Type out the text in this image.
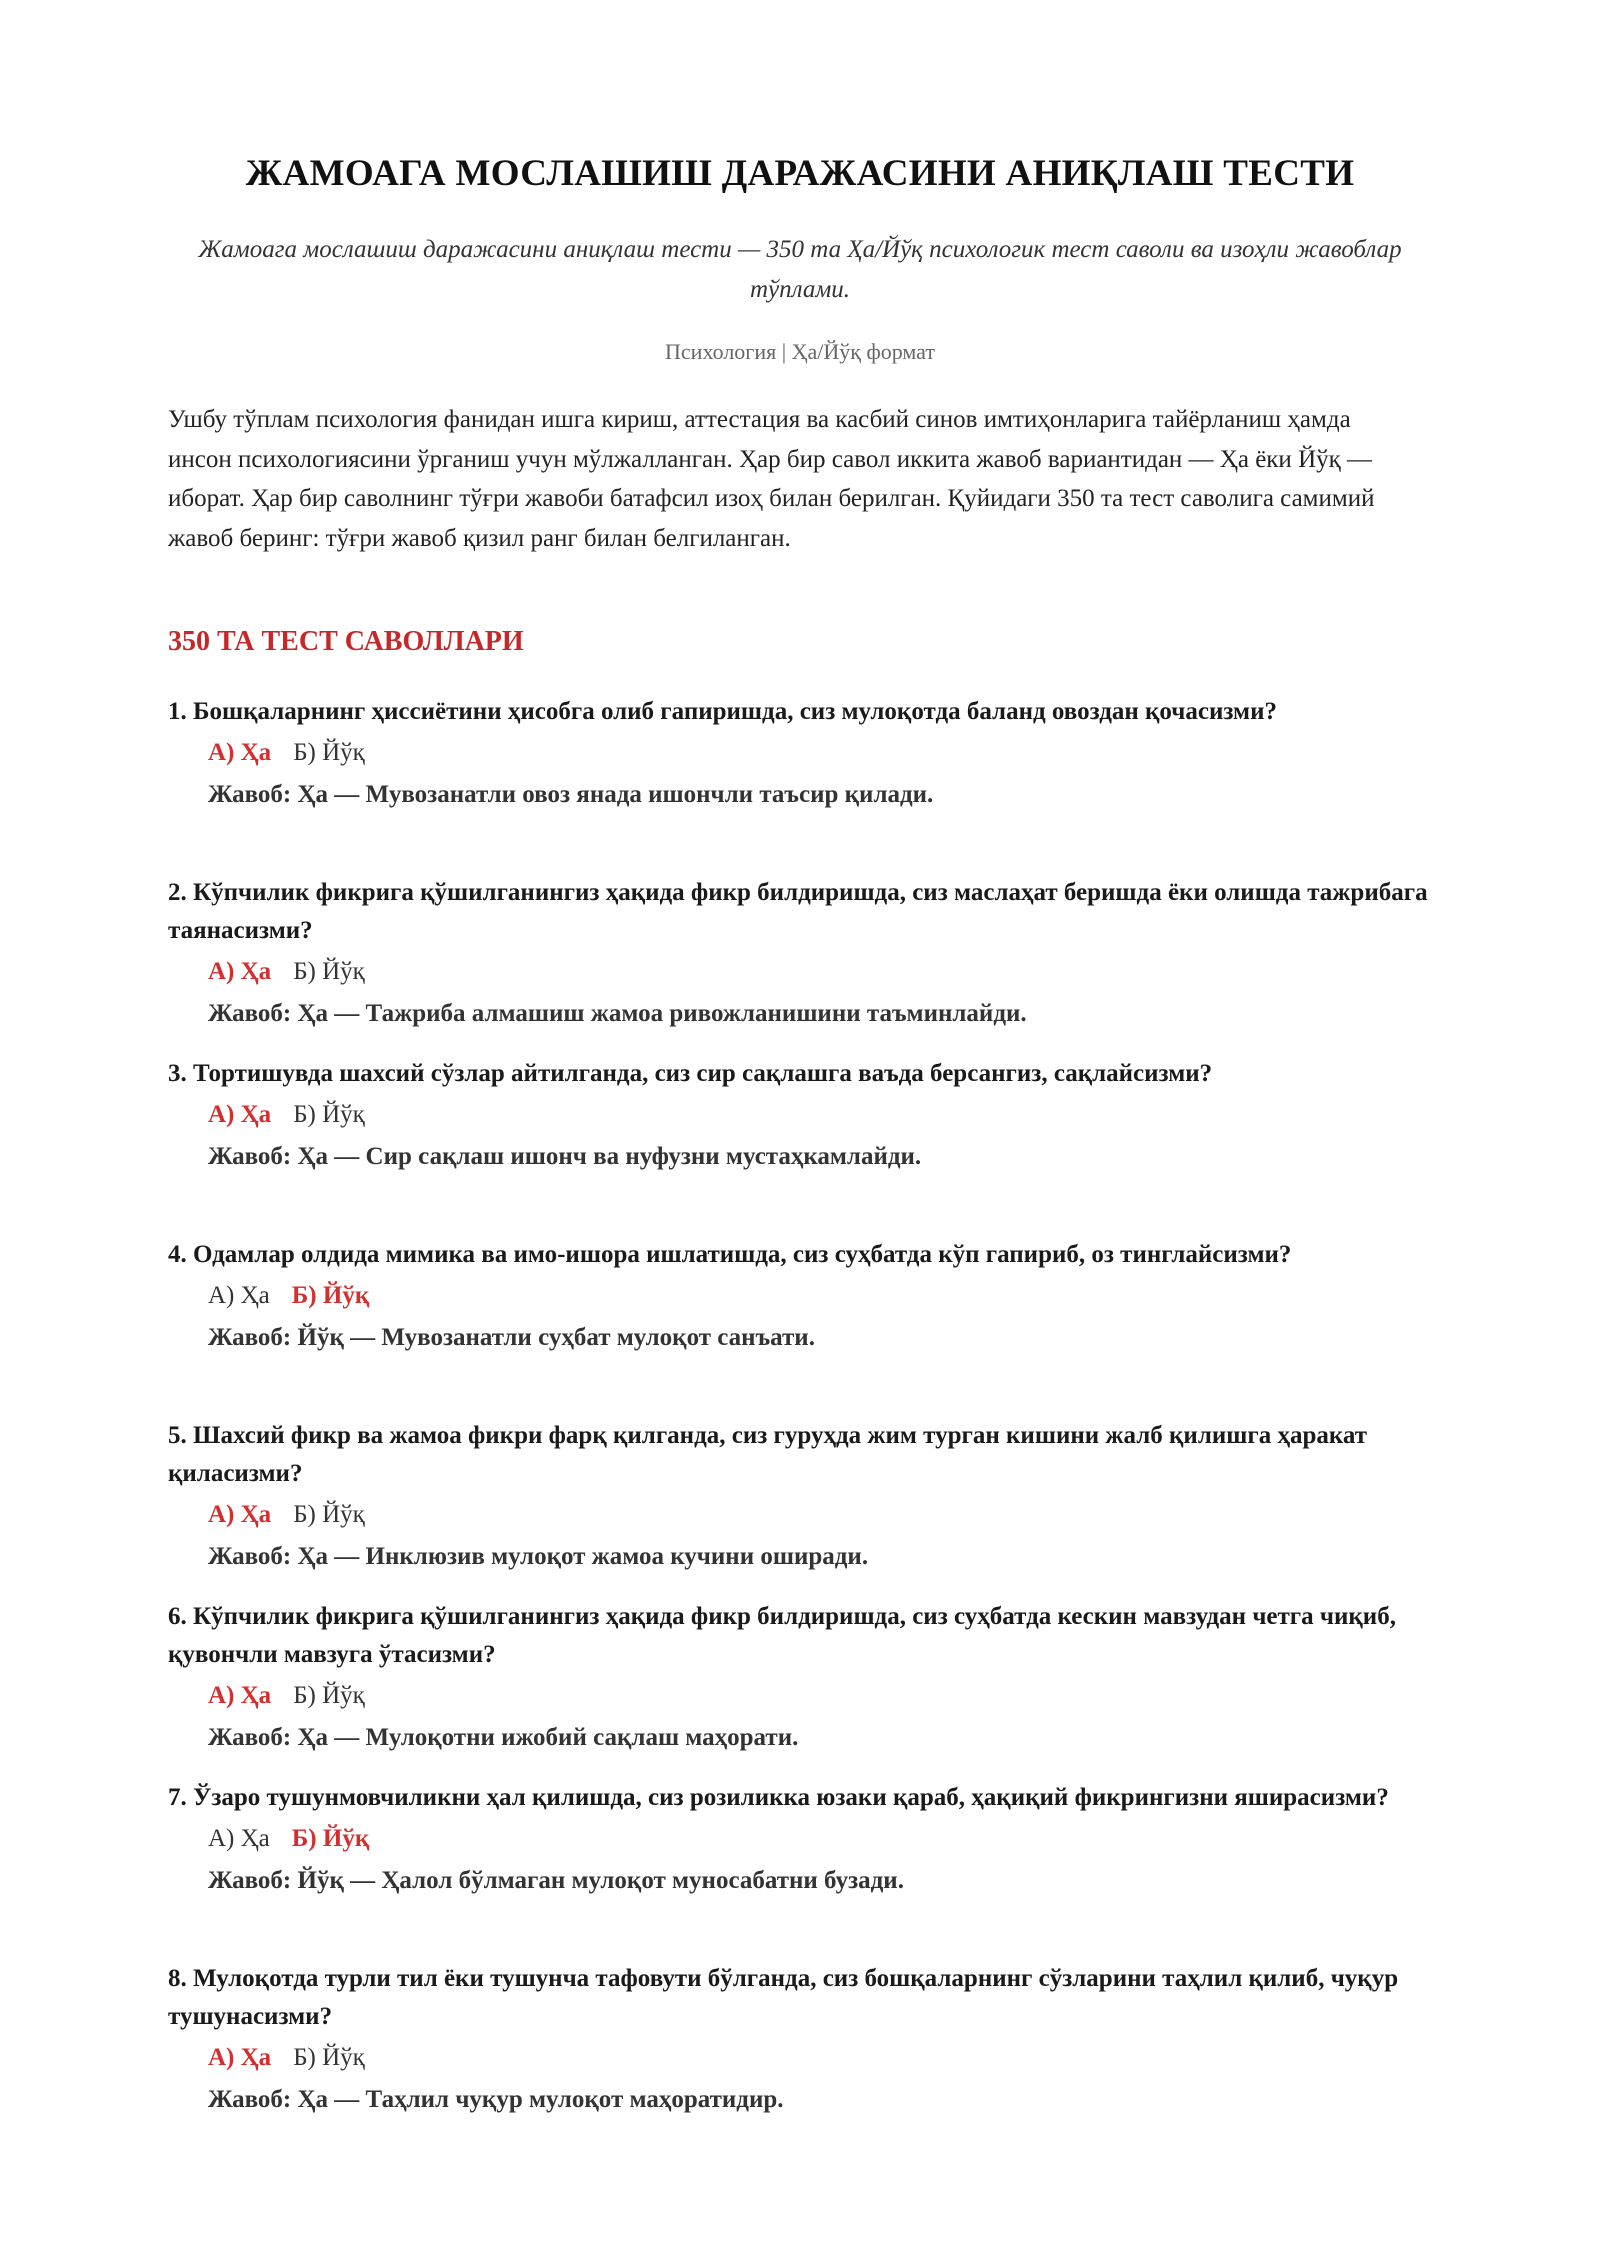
ЖАМОАГА МОСЛАШИШ ДАРАЖАСИНИ АНИҚЛАШ ТЕСТИ
Жамоага мослашиш даражасини аниқлаш тести — 350 та Ҳа/Йўқ психологик тест саволи ва изоҳли жавоблар тўплами.
Психология | Ҳа/Йўқ формат
Ушбу тўплам психология фанидан ишга кириш, аттестация ва касбий синов имтиҳонларига тайёрланиш ҳамда инсон психологиясини ўрганиш учун мўлжалланган. Ҳар бир савол иккита жавоб вариантидан — Ҳа ёки Йўқ — иборат. Ҳар бир саволнинг тўғри жавоби батафсил изоҳ билан берилган. Қуйидаги 350 та тест саволига самимий жавоб беринг: тўғри жавоб қизил ранг билан белгиланган.
350 ТА ТЕСТ САВОЛЛАРИ
1. Бошқаларнинг ҳиссиётини ҳисобга олиб гапиришда, сиз мулоқотда баланд овоздан қочасизми?
А) Ҳа Б) Йўқ
Жавоб: Ҳа — Мувозанатли овоз янада ишончли таъсир қилади.
2. Кўпчилик фикрига қўшилганингиз ҳақида фикр билдиришда, сиз маслаҳат беришда ёки олишда тажрибага таянасизми?
А) Ҳа Б) Йўқ
Жавоб: Ҳа — Тажриба алмашиш жамоа ривожланишини таъминлайди.
3. Тортишувда шахсий сўзлар айтилганда, сиз сир сақлашга ваъда берсангиз, сақлайсизми?
А) Ҳа Б) Йўқ
Жавоб: Ҳа — Сир сақлаш ишонч ва нуфузни мустаҳкамлайди.
4. Одамлар олдида мимика ва имо-ишора ишлатишда, сиз суҳбатда кўп гапириб, оз тинглайсизми?
А) Ҳа Б) Йўқ
Жавоб: Йўқ — Мувозанатли суҳбат мулоқот санъати.
5. Шахсий фикр ва жамоа фикри фарқ қилганда, сиз гуруҳда жим турган кишини жалб қилишга ҳаракат қиласизми?
А) Ҳа Б) Йўқ
Жавоб: Ҳа — Инклюзив мулоқот жамоа кучини оширади.
6. Кўпчилик фикрига қўшилганингиз ҳақида фикр билдиришда, сиз суҳбатда кескин мавзудан четга чиқиб, қувончли мавзуга ўтасизми?
А) Ҳа Б) Йўқ
Жавоб: Ҳа — Мулоқотни ижобий сақлаш маҳорати.
7. Ўзаро тушунмовчиликни ҳал қилишда, сиз розиликка юзаки қараб, ҳақиқий фикрингизни яширасизми?
А) Ҳа Б) Йўқ
Жавоб: Йўқ — Ҳалол бўлмаган мулоқот муносабатни бузади.
8. Мулоқотда турли тил ёки тушунча тафовути бўлганда, сиз бошқаларнинг сўзларини таҳлил қилиб, чуқур тушунасизми?
А) Ҳа Б) Йўқ
Жавоб: Ҳа — Таҳлил чуқур мулоқот маҳоратидир.
